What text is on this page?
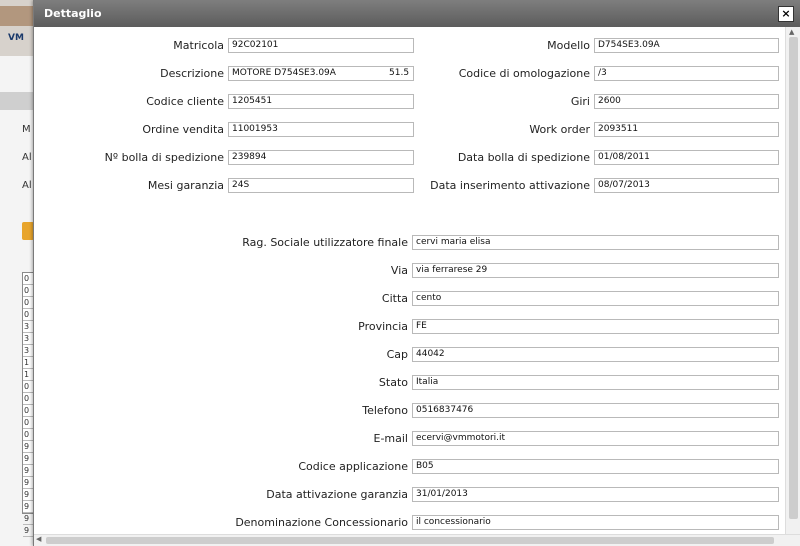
VM
M
Al
Al
0
0
0
0
3
3
3
1
1
0
0
0
0
0
9
9
9
9
9
9
9
9
Dettaglio	×
Matricola 92C02101	Modello D754SE3.09A
Descrizione MOTORE D754SE3.09A	51.5	Codice di omologazione /3
Codice cliente 1205451	Giri 2600
Ordine vendita 11001953	Work order 2093511
Nº bolla di spedizione 239894	Data bolla di spedizione 01/08/2011
Mesi garanzia 24S	Data inserimento attivazione 08/07/2013
Rag. Sociale utilizzatore finale cervi maria elisa
Via via ferrarese 29
Citta cento
Provincia FE
Cap 44042
Stato Italia
Telefono 0516837476
E-mail ecervi@vmmotori.it
Codice applicazione B05
Data attivazione garanzia 31/01/2013
Denominazione Concessionario il concessionario
▲
◀
